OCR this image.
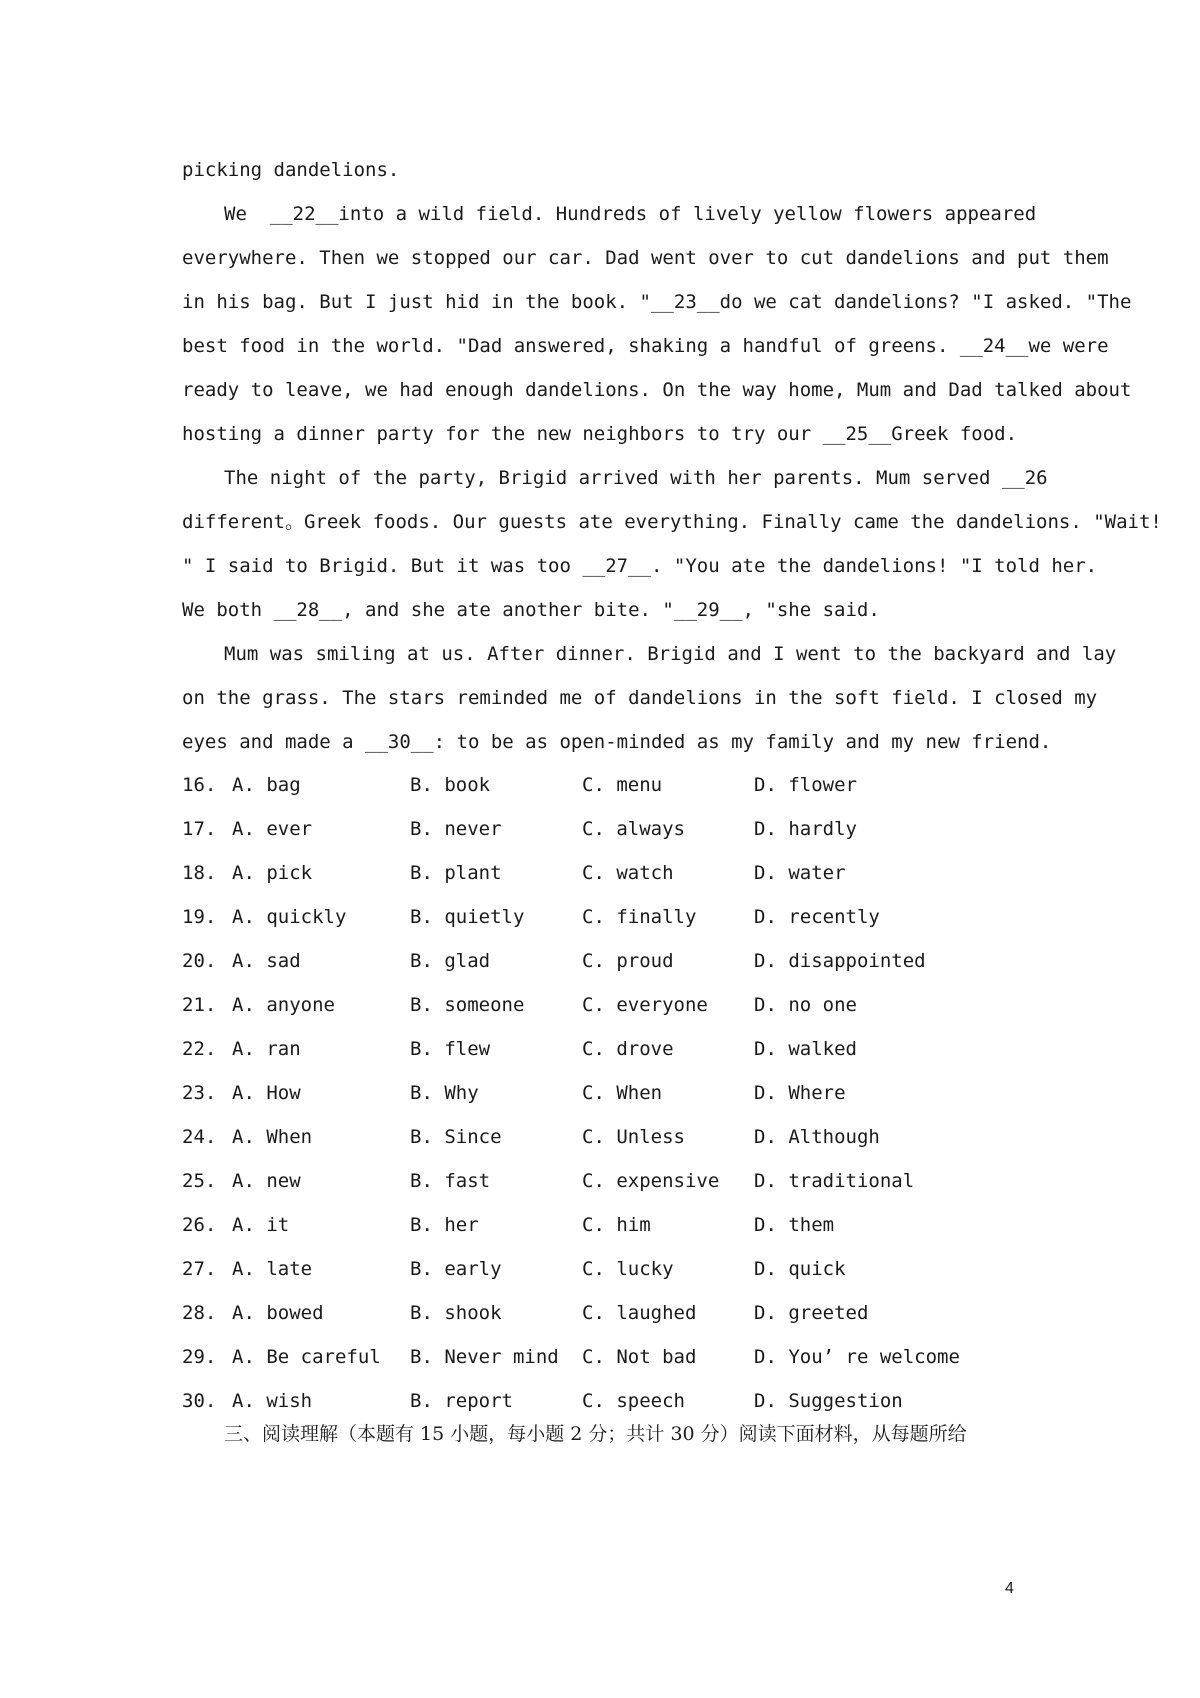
picking dandelions.
We  __22__into a wild field. Hundreds of lively yellow flowers appeared
everywhere. Then we stopped our car. Dad went over to cut dandelions and put them
in his bag. But I just hid in the book. "__23__do we cat dandelions? "I asked. "The
best food in the world. "Dad answered, shaking a handful of greens. __24__we were
ready to leave, we had enough dandelions. On the way home, Mum and Dad talked about
hosting a dinner party for the new neighbors to try our __25__Greek food.
The night of the party, Brigid arrived with her parents. Mum served __26
different。Greek foods. Our guests ate everything. Finally came the dandelions. "Wait!
" I said to Brigid. But it was too __27__. "You ate the dandelions! "I told her.
We both __28__, and she ate another bite. "__29__, "she said.
Mum was smiling at us. After dinner. Brigid and I went to the backyard and lay
on the grass. The stars reminded me of dandelions in the soft field. I closed my
eyes and made a __30__: to be as open-minded as my family and my new friend.
16. A. bag	B. book	C. menu	D. flower
17. A. ever	B. never	C. always	D. hardly
18. A. pick	B. plant	C. watch	D. water
19. A. quickly	B. quietly	C. finally	D. recently
20. A. sad	B. glad	C. proud	D. disappointed
21. A. anyone	B. someone	C. everyone D. no one
22. A. ran	B. flew	C. drove	D. walked
23. A. How	B. Why	C. When	D. Where
24. A. When	B. Since	C. Unless	D. Although
25. A. new	B. fast	C. expensive D. traditional
26. A. it	B. her	C. him	D. them
27. A. late	B. early	C. lucky	D. quick
28. A. bowed	B. shook	C. laughed	D. greeted
29. A. Be careful B. Never mind C. Not bad	D. You’ re welcome
30. A. wish	B. report	C. speech	D. Suggestion
三、阅读理解（本题有 15 小题，每小题 2 分；共计 30 分）阅读下面材料，从每题所给
4
